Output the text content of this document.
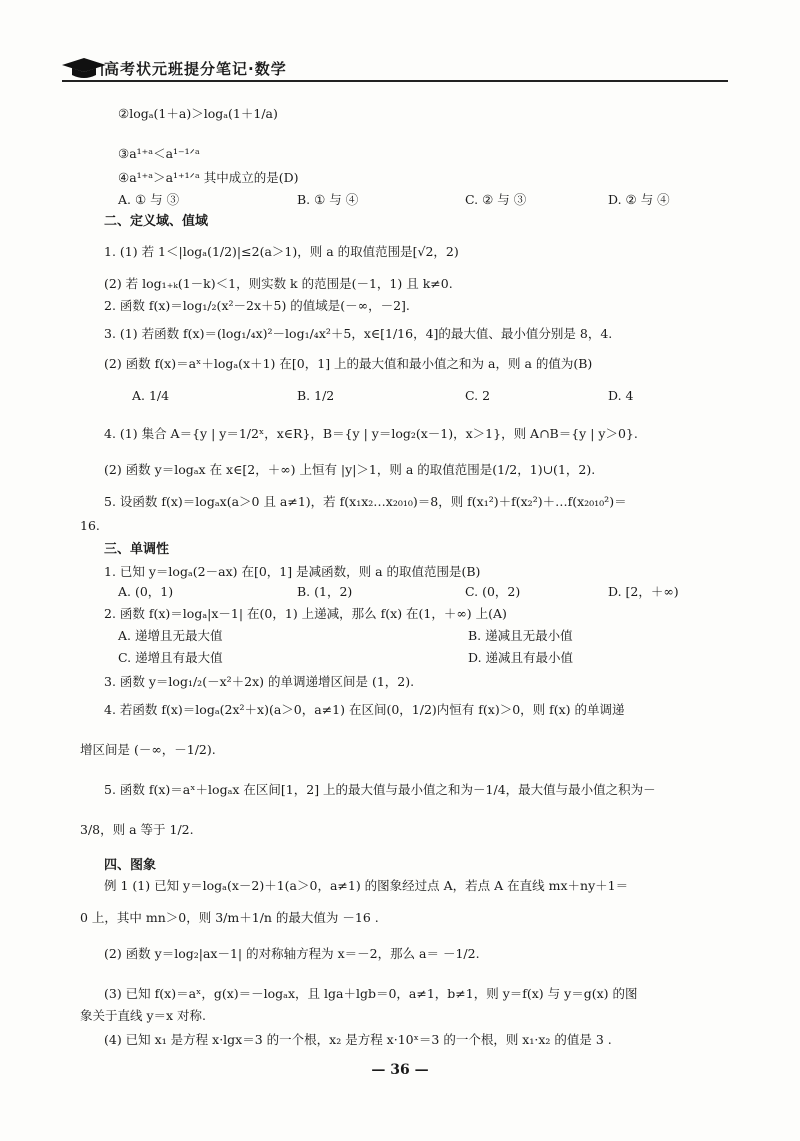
高考状元班提分笔记·数学
②logₐ(1＋a)＞logₐ(1＋1/a)
③a¹⁺ᵃ＜a¹⁻¹ᐟᵃ
④a¹⁺ᵃ＞a¹⁺¹ᐟᵃ 其中成立的是(D)
A. ① 与 ③	B. ① 与 ④	C. ② 与 ③	D. ② 与 ④
二、定义域、值域
1. (1) 若 1＜|logₐ(1/2)|≤2(a＞1)，则 a 的取值范围是[√2，2)
(2) 若 log₁₊ₖ(1－k)＜1，则实数 k 的范围是(－1，1) 且 k≠0.
2. 函数 f(x)＝log₁/₂(x²－2x＋5) 的值域是(－∞，－2].
3. (1) 若函数 f(x)＝(log₁/₄x)²－log₁/₄x²＋5，x∈[1/16，4]的最大值、最小值分别是 8，4.
(2) 函数 f(x)＝aˣ＋logₐ(x＋1) 在[0，1] 上的最大值和最小值之和为 a，则 a 的值为(B)
A. 1/4	B. 1/2	C. 2	D. 4
4. (1) 集合 A＝{y | y＝1/2ˣ，x∈R}，B＝{y | y＝log₂(x－1)，x＞1}，则 A∩B＝{y | y＞0}.
(2) 函数 y＝logₐx 在 x∈[2，＋∞) 上恒有 |y|＞1，则 a 的取值范围是(1/2，1)∪(1，2).
5. 设函数 f(x)＝logₐx(a＞0 且 a≠1)，若 f(x₁x₂…x₂₀₁₀)＝8，则 f(x₁²)＋f(x₂²)＋…f(x₂₀₁₀²)＝
16.
三、单调性
1. 已知 y＝logₐ(2－ax) 在[0，1] 是减函数，则 a 的取值范围是(B)
A. (0，1)	B. (1，2)	C. (0，2)	D. [2，＋∞)
2. 函数 f(x)＝logₐ|x－1| 在(0，1) 上递减，那么 f(x) 在(1，＋∞) 上(A)
A. 递增且无最大值	B. 递减且无最小值
C. 递增且有最大值	D. 递减且有最小值
3. 函数 y＝log₁/₂(－x²＋2x) 的单调递增区间是 (1，2).
4. 若函数 f(x)＝logₐ(2x²＋x)(a＞0，a≠1) 在区间(0，1/2)内恒有 f(x)＞0，则 f(x) 的单调递
增区间是 (－∞，－1/2).
5. 函数 f(x)＝aˣ＋logₐx 在区间[1，2] 上的最大值与最小值之和为－1/4，最大值与最小值之积为－
3/8，则 a 等于 1/2.
四、图象
例 1 (1) 已知 y＝logₐ(x－2)＋1(a＞0，a≠1) 的图象经过点 A，若点 A 在直线 mx＋ny＋1＝
0 上，其中 mn＞0，则 3/m＋1/n 的最大值为 －16 .
(2) 函数 y＝log₂|ax－1| 的对称轴方程为 x＝－2，那么 a＝ －1/2.
(3) 已知 f(x)＝aˣ，g(x)＝－logₐx，且 lga＋lgb＝0，a≠1，b≠1，则 y＝f(x) 与 y＝g(x) 的图
象关于直线 y＝x 对称.
(4) 已知 x₁ 是方程 x·lgx＝3 的一个根，x₂ 是方程 x·10ˣ＝3 的一个根，则 x₁·x₂ 的值是 3 .
— 36 —
